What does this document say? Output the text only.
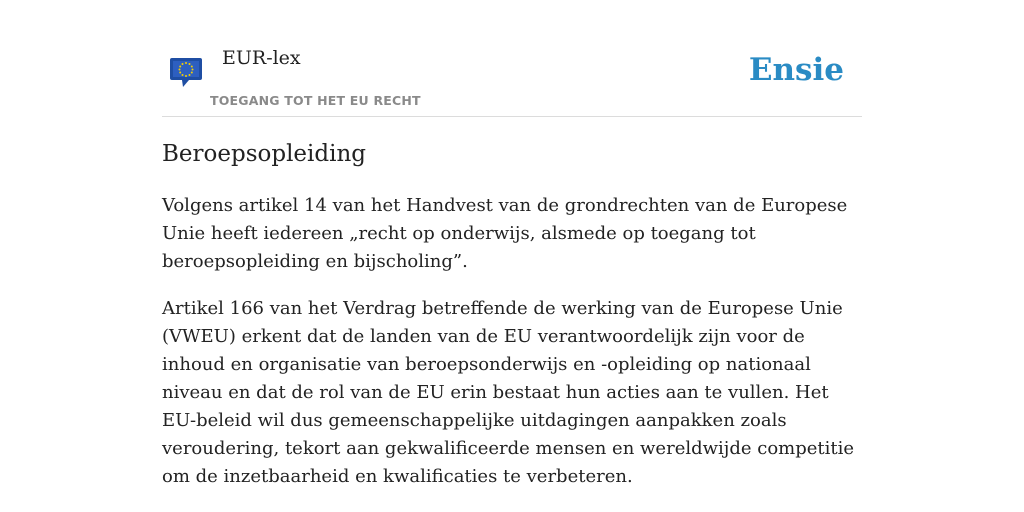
EUR-lex
TOEGANG TOT HET EU RECHT
Ensie
Beroepsopleiding

Volgens artikel 14 van het Handvest van de grondrechten van de Europese Unie heeft iedereen „recht op onderwijs, alsmede op toegang tot beroepsopleiding en bijscholing”.

Artikel 166 van het Verdrag betreffende de werking van de Europese Unie (VWEU) erkent dat de landen van de EU verantwoordelijk zijn voor de inhoud en organisatie van beroepsonderwijs en -opleiding op nationaal niveau en dat de rol van de EU erin bestaat hun acties aan te vullen. Het EU-beleid wil dus gemeenschappelijke uitdagingen aanpakken zoals veroudering, tekort aan gekwalificeerde mensen en wereldwijde competitie om de inzetbaarheid en kwalificaties te verbeteren.
